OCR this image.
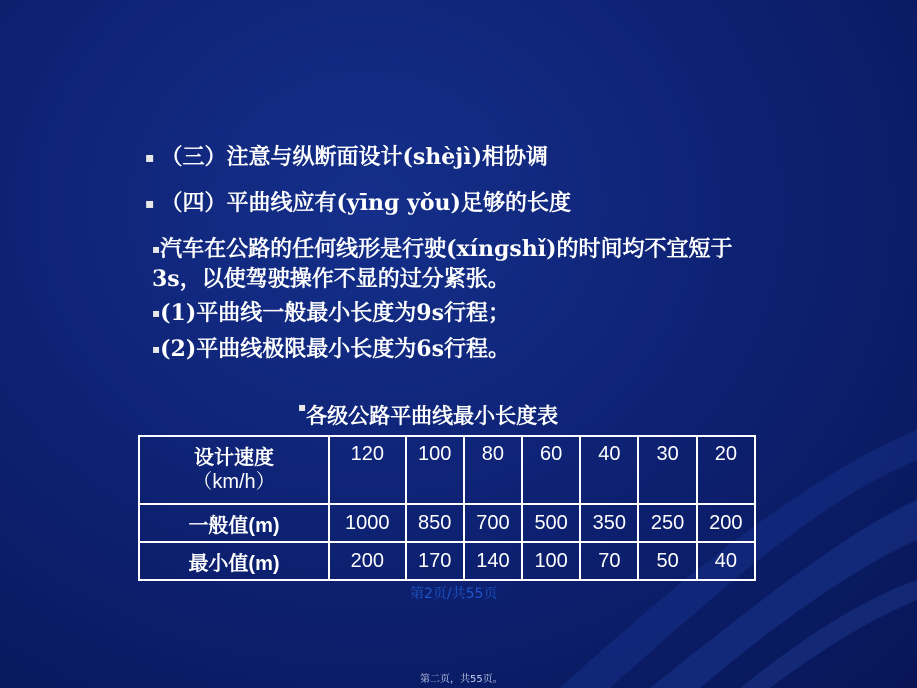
▪ （三）注意与纵断面设计(shèjì)相协调
▪ （四）平曲线应有(yīnɡ yǒu)足够的长度
▪汽车在公路的任何线形是行驶(xínɡshǐ)的时间均不宜短于3s，以使驾驶操作不显的过分紧张。
▪(1)平曲线一般最小长度为9s行程；
▪(2)平曲线极限最小长度为6s行程。
▪各级公路平曲线最小长度表
设计速度
（km/h）	120	100	80	60	40	30	20
一般值(m)	1000	850	700	500	350	250	200
最小值(m)	200	170	140	100	70	50	40
第2页/共55页
第二页，共55页。
